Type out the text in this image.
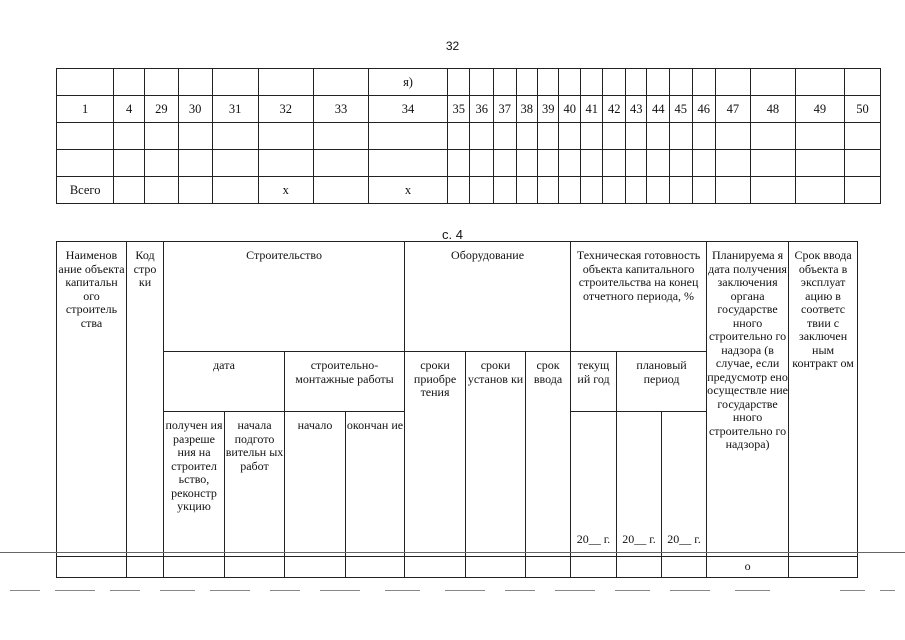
32
							я)																
1	4	29	30	31	32	33	34	35	36	37	38	39	40	41	42	43	44	45	46	47	48	49	50

Всего					х		х																
с. 4
Наименов ание объекта капитальн ого строитель ства	Код стро ки	Строительство				Оборудование			Техническая готовность объекта капитального строительства на конец отчетного периода, %			Планируема я дата получения заключения органа государстве нного строительно го надзора (в случае, если предусмотр ено осуществле ние государстве нного строительно го надзора)	Срок ввода объекта в эксплуат ацию в соответс твии с заключен ным контракт ом
		дата		строительно-монтажные работы		сроки приобре тения	сроки установ ки	срок ввода	текущ ий год	плановый период			
		получен ия разреше ния на строител ьство, реконстр укцию	начала подгото вительн ых работ	начало	окончан ие				20__ г.	20__ г.	20__ г.		
												о	
